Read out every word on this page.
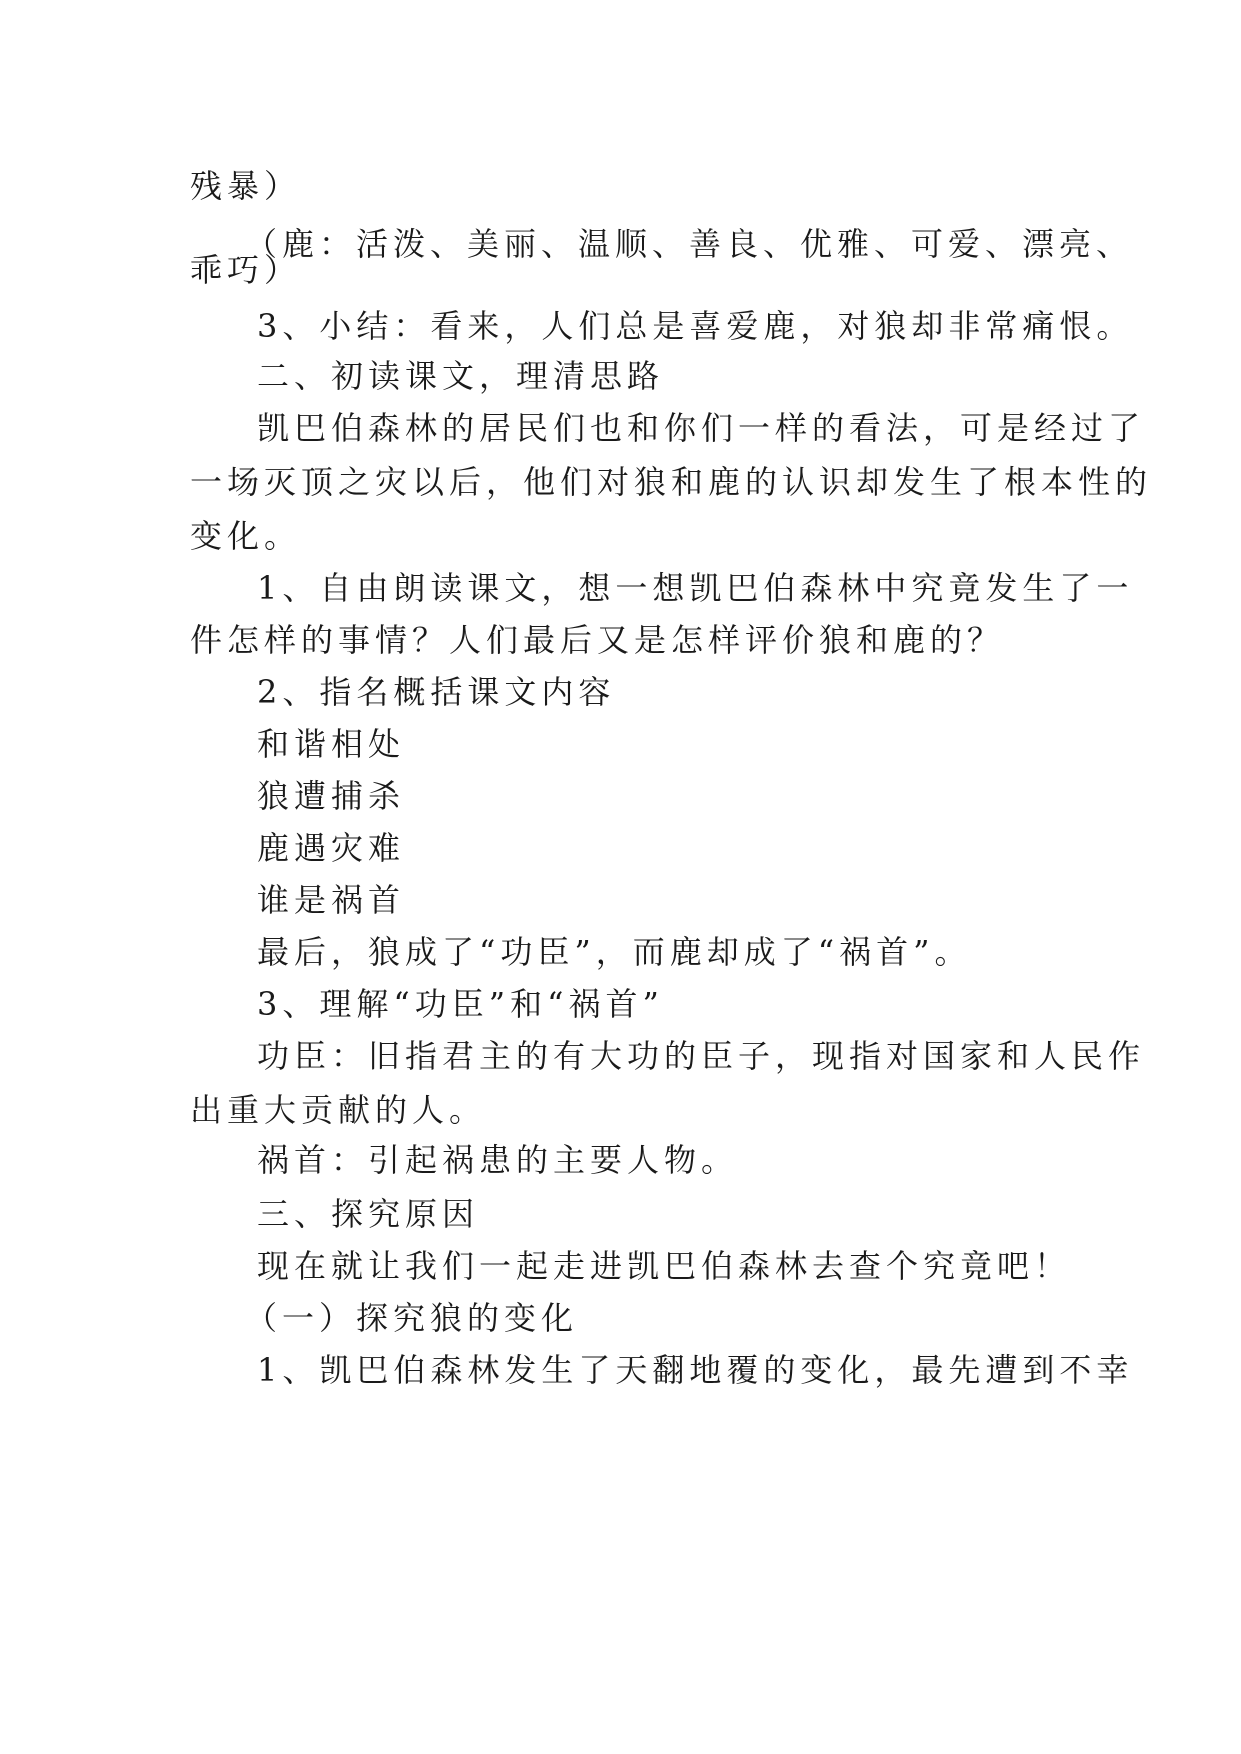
残暴）
（鹿：活泼、美丽、温顺、善良、优雅、可爱、漂亮、
乖巧）
3、小结：看来，人们总是喜爱鹿，对狼却非常痛恨。
二、初读课文，理清思路
凯巴伯森林的居民们也和你们一样的看法，可是经过了
一场灭顶之灾以后，他们对狼和鹿的认识却发生了根本性的
变化。
1、自由朗读课文，想一想凯巴伯森林中究竟发生了一
件怎样的事情？人们最后又是怎样评价狼和鹿的？
2、指名概括课文内容
和谐相处
狼遭捕杀
鹿遇灾难
谁是祸首
最后，狼成了“功臣”，而鹿却成了“祸首”。
3、理解“功臣”和“祸首”
功臣：旧指君主的有大功的臣子，现指对国家和人民作
出重大贡献的人。
祸首：引起祸患的主要人物。
三、探究原因
现在就让我们一起走进凯巴伯森林去查个究竟吧！
（一）探究狼的变化
1、凯巴伯森林发生了天翻地覆的变化，最先遭到不幸
